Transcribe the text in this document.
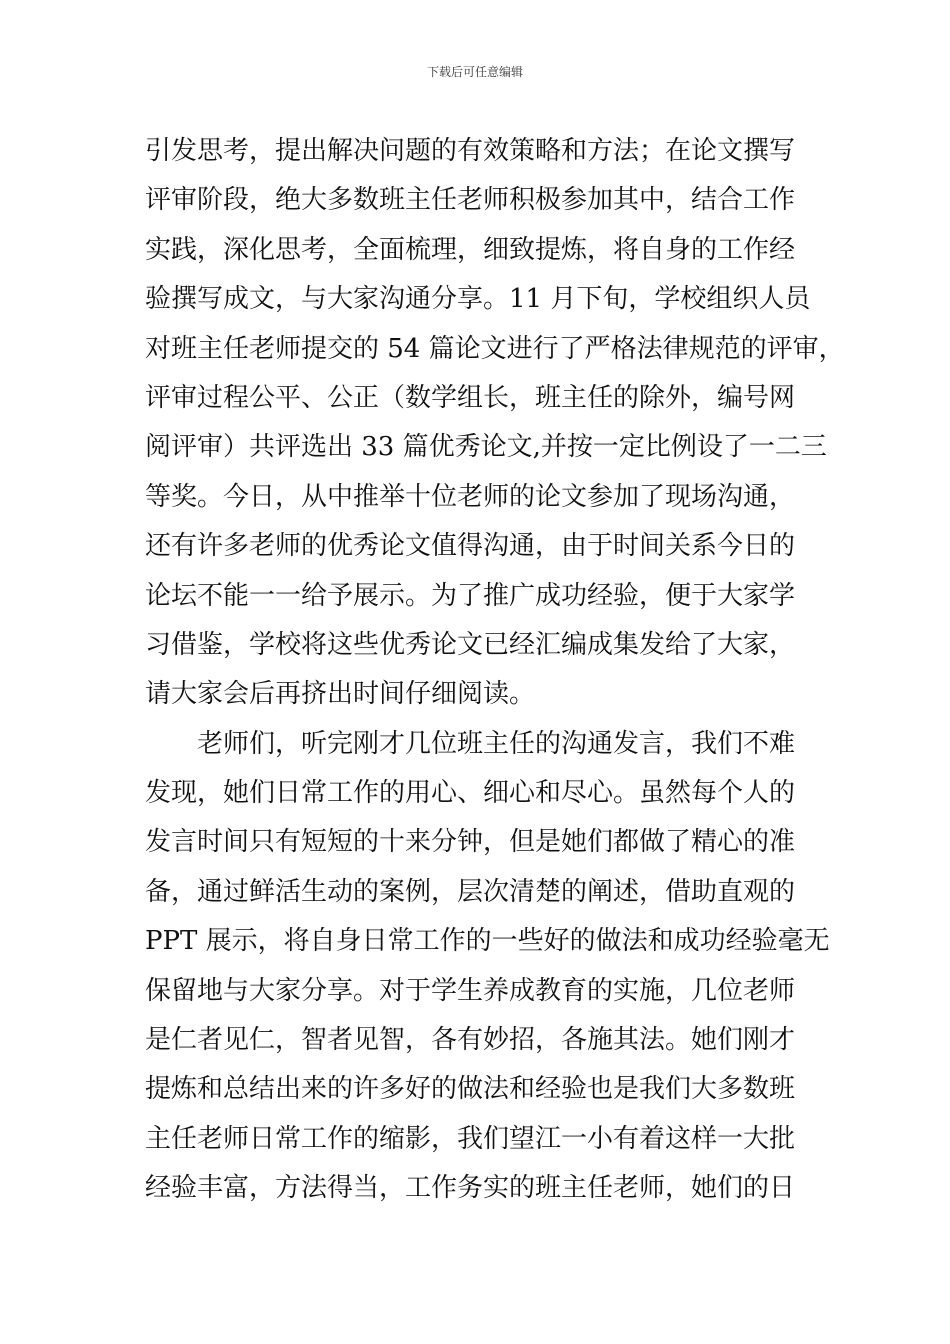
下载后可任意编辑
引发思考，提出解决问题的有效策略和方法；在论文撰写
评审阶段，绝大多数班主任老师积极参加其中，结合工作
实践，深化思考，全面梳理，细致提炼，将自身的工作经
验撰写成文，与大家沟通分享。11 月下旬，学校组织人员
对班主任老师提交的 54 篇论文进行了严格法律规范的评审，
评审过程公平、公正（数学组长，班主任的除外，编号网
阅评审）共评选出 33 篇优秀论文,并按一定比例设了一二三
等奖。今日，从中推举十位老师的论文参加了现场沟通，
还有许多老师的优秀论文值得沟通，由于时间关系今日的
论坛不能一一给予展示。为了推广成功经验，便于大家学
习借鉴，学校将这些优秀论文已经汇编成集发给了大家，
请大家会后再挤出时间仔细阅读。
老师们，听完刚才几位班主任的沟通发言，我们不难
发现，她们日常工作的用心、细心和尽心。虽然每个人的
发言时间只有短短的十来分钟，但是她们都做了精心的准
备，通过鲜活生动的案例，层次清楚的阐述，借助直观的
PPT 展示，将自身日常工作的一些好的做法和成功经验毫无
保留地与大家分享。对于学生养成教育的实施，几位老师
是仁者见仁，智者见智，各有妙招，各施其法。她们刚才
提炼和总结出来的许多好的做法和经验也是我们大多数班
主任老师日常工作的缩影，我们望江一小有着这样一大批
经验丰富，方法得当，工作务实的班主任老师，她们的日
